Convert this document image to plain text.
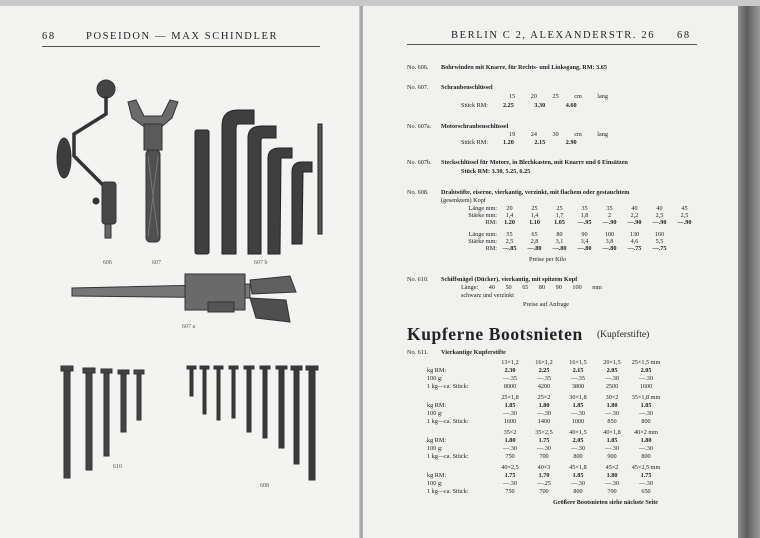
68	POSEIDON — MAX SCHINDLER
606	607	607 b
607 a
610
608
BERLIN C 2, ALEXANDERSTR. 26 68
No. 606. Bohrwinden mit Knarre, für Rechts- und Linksgang, RM: 3.65
No. 607. Schraubenschlüssel
15 20 25 cm lang
Stück RM: 2.25 3.30 4.60
No. 607a. Motorschraubenschlüssel
19 24 30 cm lang
Stück RM: 1.20 2.15 2.90
No. 607b. Steckschlüssel für Motore, in Blechkasten, mit Knarre und 6 Einsätzen
Stück RM: 3.30, 5.25, 6.25
No. 608. Drahtstifte, eiserne, vierkantig, verzinkt, mit flachem oder gestauchtem
(gesenktem) Kopf
Länge mm:	20	25	25	35	35	40	40	45
Stärke mm:	1,4	1,4	1,7	1,8	2	2,2	2,5	2,5
RM:	1.20	1.10	1.05	—.95	—.90	—.90	—.90	—.90
Länge mm:	55	65	80	90	100	130	160
Stärke mm:	2,5	2,8	3,1	3,4	3,8	4,6	5,5
RM: —.85	—.80	—.80	—.80	—.80	—.75	—.75
Preise per Kilo
No. 610. Schiffsnägel (Dücker), vierkantig, mit spitzem Kopf
Länge: 40 50 65 80 90 100 mm
schwarz und verzinkt
Preise auf Anfrage
Kupferne Bootsnieten (Kupferstifte)
No. 611. Vierkantige Kupferstifte
13×1,2	16×1,2	16×1,5	20×1,5	25×1,5 mm
kg RM:	2.30	2.25	2.15	2.05	2.05
100 g:	—.35	—.35	—.35	—.30	—.30
1 kg—ca. Stück:	8000	4200	3800	2500	1600
25×1,8	25×2	30×1,8	30×2	35×1,8 mm
kg RM:	1.85	1.80	1.85	1.80	1.85
100 g:	—.30	—.30	—.30	—.30	—.30
1 kg—ca. Stück:	1600	1400	1000	850	800
35×2	35×2,5	40×1,5	40×1,8	40×2 mm
kg RM:	1.80	1.75	2.05	1.85	1.80
100 g:	—.30	—.30	—.30	—.30	—.30
1 kg—ca. Stück:	750	700	800	900	800
40×2,5	40×3	45×1,8	45×2	45×2,5 mm
kg RM:	1.75	1.70	1.85	1.80	1.75
100 g:	—.30	—.25	—.30	—.30	—.30
1 kg—ca. Stück:	750	700	800	700	650
Größere Bootsnieten siehe nächste Seite
